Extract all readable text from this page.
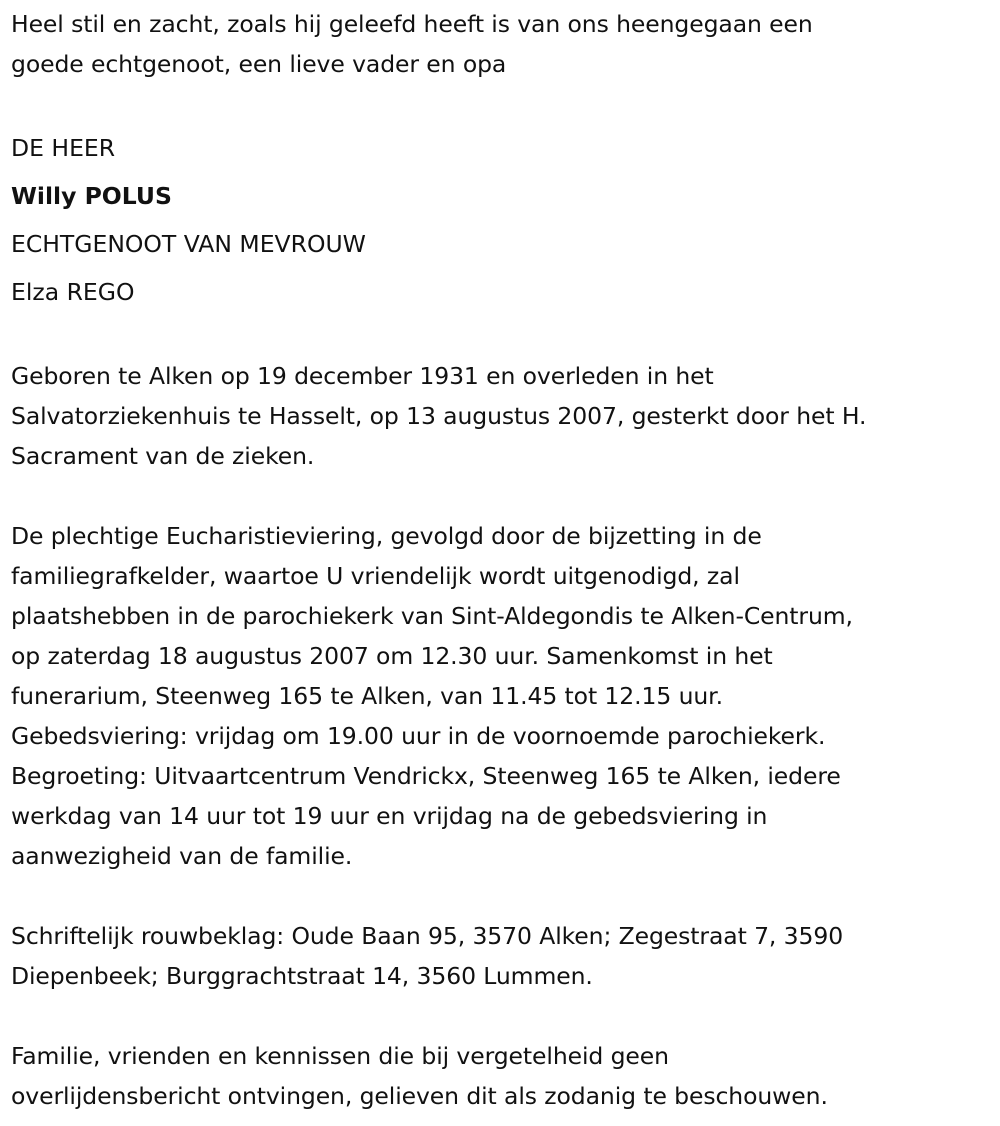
Heel stil en zacht, zoals hij geleefd heeft is van ons heengegaan een
goede echtgenoot, een lieve vader en opa
DE HEER
Willy POLUS
ECHTGENOOT VAN MEVROUW
Elza REGO
Geboren te Alken op 19 december 1931 en overleden in het
Salvatorziekenhuis te Hasselt, op 13 augustus 2007, gesterkt door het H.
Sacrament van de zieken.
De plechtige Eucharistieviering, gevolgd door de bijzetting in de
familiegrafkelder, waartoe U vriendelijk wordt uitgenodigd, zal
plaatshebben in de parochiekerk van Sint-Aldegondis te Alken-Centrum,
op zaterdag 18 augustus 2007 om 12.30 uur. Samenkomst in het
funerarium, Steenweg 165 te Alken, van 11.45 tot 12.15 uur.
Gebedsviering: vrijdag om 19.00 uur in de voornoemde parochiekerk.
Begroeting: Uitvaartcentrum Vendrickx, Steenweg 165 te Alken, iedere
werkdag van 14 uur tot 19 uur en vrijdag na de gebedsviering in
aanwezigheid van de familie.
Schriftelijk rouwbeklag: Oude Baan 95, 3570 Alken; Zegestraat 7, 3590
Diepenbeek; Burggrachtstraat 14, 3560 Lummen.
Familie, vrienden en kennissen die bij vergetelheid geen
overlijdensbericht ontvingen, gelieven dit als zodanig te beschouwen.
